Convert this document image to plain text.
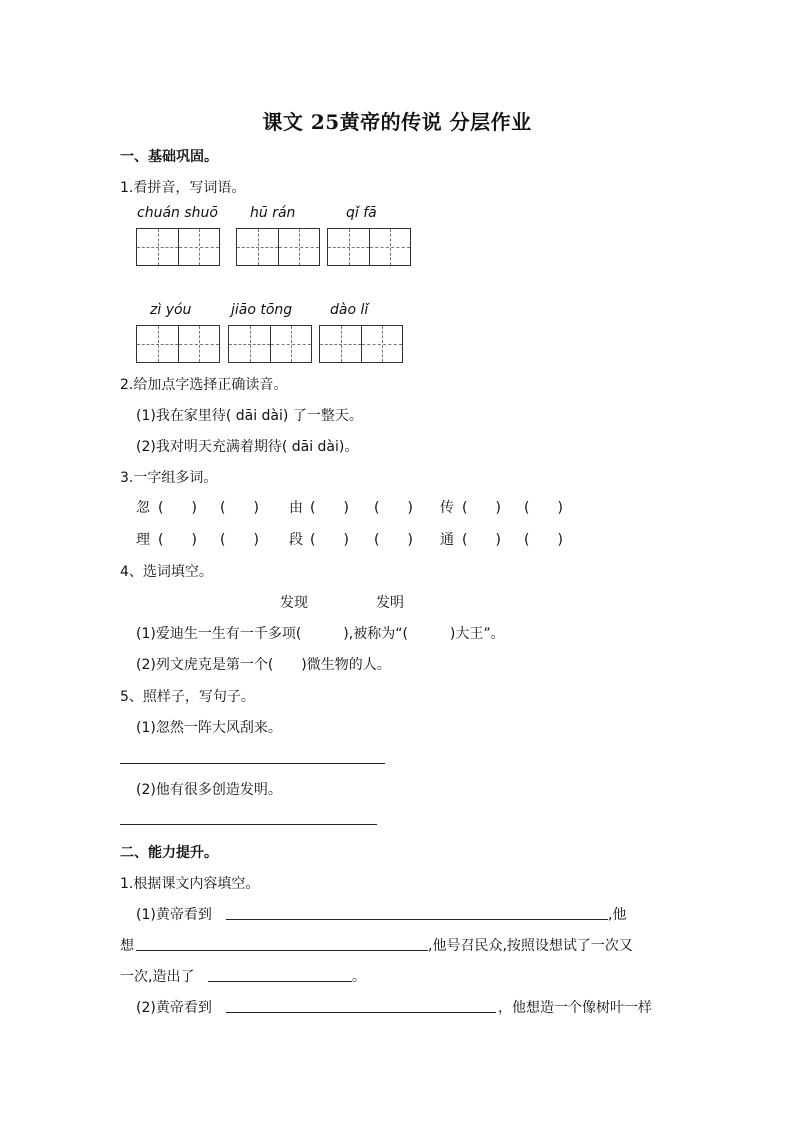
课文 25黄帝的传说 分层作业
一、基础巩固。
1.看拼音，写词语。
chuán shuō hū rán	qǐ fā
zì yóu	jiāo tōng	dào lǐ
2.给加点字选择正确读音。
(1)我在家里待( dāi dài) 了一整天。
(2)我对明天充满着期待( dāi dài)。
3.一字组多词。
忽 (　　) (　　) 由 (　　) (　　) 传 (　　) (　　)
理 (　　) (　　) 段 (　　) (　　) 通 (　　) (　　)
4、选词填空。
发现	发明
(1)爱迪生一生有一千多项(　　　),被称为“(　　　)大王”。
(2)列文虎克是第一个(　　)微生物的人。
5、照样子，写句子。
(1)忽然一阵大风刮来。
(2)他有很多创造发明。
二、能力提升。
1.根据课文内容填空。
(1)黄帝看到	,他
想	,他号召民众,按照设想试了一次又
一次,造出了	。
(2)黄帝看到	，他想造一个像树叶一样
